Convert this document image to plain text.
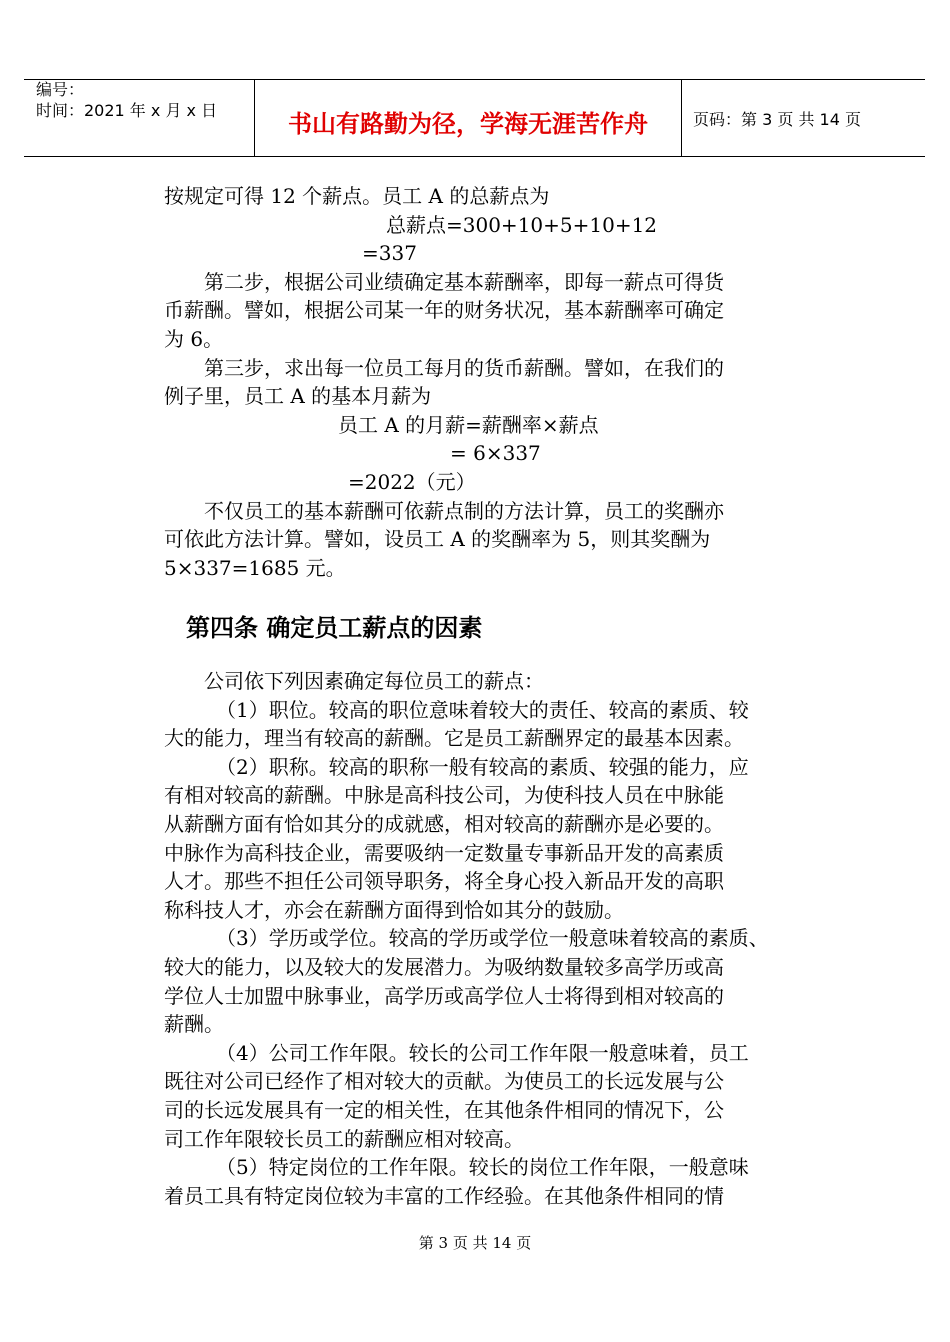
编号：
时间：2021 年 x 月 x 日	书山有路勤为径，学海无涯苦作舟	页码：第 3 页 共 14 页

按规定可得 12 个薪点。员工 A 的总薪点为

总薪点=300+10+5+10+12

=337

第二步，根据公司业绩确定基本薪酬率，即每一薪点可得货

币薪酬。譬如，根据公司某一年的财务状况，基本薪酬率可确定

为 6。

第三步，求出每一位员工每月的货币薪酬。譬如，在我们的

例子里，员工 A 的基本月薪为

员工 A 的月薪=薪酬率×薪点

= 6×337

=2022（元）

不仅员工的基本薪酬可依薪点制的方法计算，员工的奖酬亦

可依此方法计算。譬如，设员工 A 的奖酬率为 5，则其奖酬为

5×337=1685 元。

第四条 确定员工薪点的因素

公司依下列因素确定每位员工的薪点：

（1）职位。较高的职位意味着较大的责任、较高的素质、较

大的能力，理当有较高的薪酬。它是员工薪酬界定的最基本因素。

（2）职称。较高的职称一般有较高的素质、较强的能力，应

有相对较高的薪酬。中脉是高科技公司，为使科技人员在中脉能

从薪酬方面有恰如其分的成就感，相对较高的薪酬亦是必要的。

中脉作为高科技企业，需要吸纳一定数量专事新品开发的高素质

人才。那些不担任公司领导职务，将全身心投入新品开发的高职

称科技人才，亦会在薪酬方面得到恰如其分的鼓励。

（3）学历或学位。较高的学历或学位一般意味着较高的素质、

较大的能力，以及较大的发展潜力。为吸纳数量较多高学历或高

学位人士加盟中脉事业，高学历或高学位人士将得到相对较高的

薪酬。

（4）公司工作年限。较长的公司工作年限一般意味着，员工

既往对公司已经作了相对较大的贡献。为使员工的长远发展与公

司的长远发展具有一定的相关性，在其他条件相同的情况下，公

司工作年限较长员工的薪酬应相对较高。

（5）特定岗位的工作年限。较长的岗位工作年限，一般意味

着员工具有特定岗位较为丰富的工作经验。在其他条件相同的情

第 3 页 共 14 页
